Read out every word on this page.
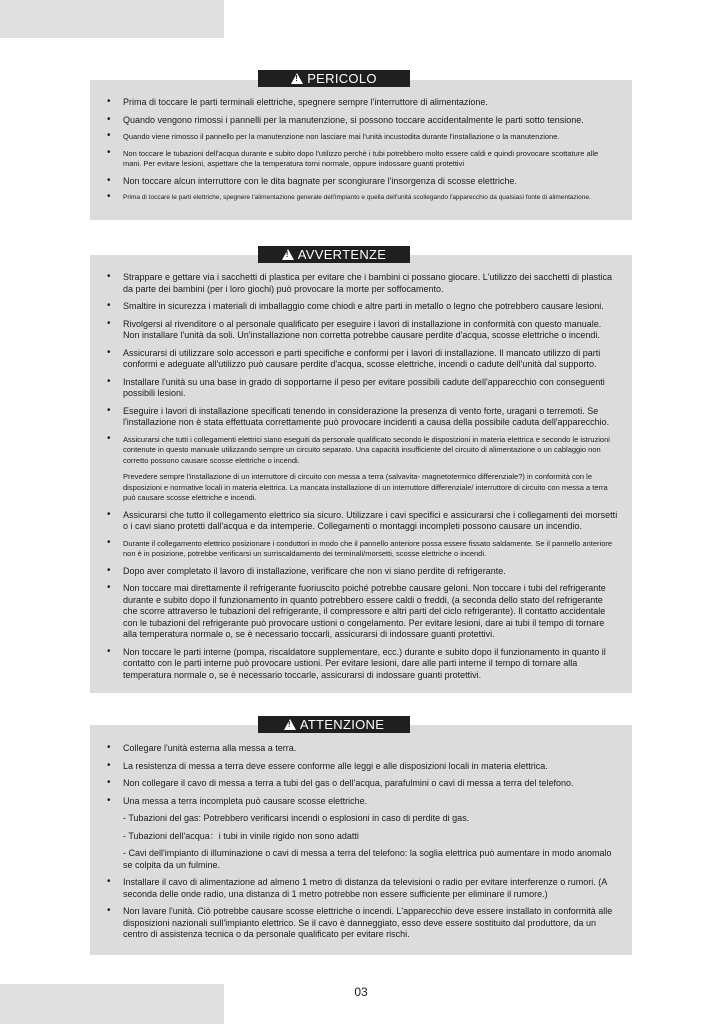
• Prima di toccare le parti terminali elettriche, spegnere sempre l'interruttore di alimentazione.
• Quando vengono rimossi i pannelli per la manutenzione, si possono toccare accidentalmente le parti sotto tensione.
• Quando viene rimosso il pannello per la manutenzione non lasciare mai l'unità incustodita durante l'installazione o la manutenzione.
• Non toccare le tubazioni dell'acqua durante e subito dopo l'utilizzo perchè i tubi potrebbero molto essere caldi e quindi provocare scottature alle mani. Per evitare lesioni, aspettare che la temperatura torni normale, oppure indossare guanti protettivi
• Non toccare alcun interruttore con le dita bagnate per scongiurare l'insorgenza di scosse elettriche.
• Prima di toccare le parti elettriche, spegnere l'alimentazione generale dell'impianto e quella dell'unità scollegando l'apparecchio da qualsiasi fonte di alimentazione.
!PERICOLO
• Strappare e gettare via i sacchetti di plastica per evitare che i bambini ci possano giocare. L'utilizzo dei sacchetti di plastica da parte dei bambini (per i loro giochi) può provocare la morte per soffocamento.
• Smaltire in sicurezza i materiali di imballaggio come chiodi e altre parti in metallo o legno che potrebbero causare lesioni.
• Rivolgersi al rivenditore o al personale qualificato per eseguire i lavori di installazione in conformità con questo manuale. Non installare l'unità da soli. Un'installazione non corretta potrebbe causare perdite d'acqua, scosse elettriche o incendi.
• Assicurarsi di utilizzare solo accessori e parti specifiche e conformi per i lavori di installazione. Il mancato utilizzo di parti conformi e adeguate all'utilizzo può causare perdite d'acqua, scosse elettriche, incendi o cadute dell'unità dal supporto.
• Installare l'unità su una base in grado di sopportarne il peso per evitare possibili cadute dell'apparecchio con conseguenti possibili lesioni.
• Eseguire i lavori di installazione specificati tenendo in considerazione la presenza di vento forte, uragani o terremoti. Se l'installazione non è stata effettuata correttamente può provocare incidenti a causa della possibile caduta dell'apparecchio.
• Assicurarsi che tutti i collegamenti elettrici siano eseguiti da personale qualificato secondo le disposizioni in materia elettrica e secondo le istruzioni contenute in questo manuale utilizzando sempre un circuito separato. Una capacità insufficiente del circuito di alimentazione o un cablaggio non corretto possono causare scosse elettriche o incendi.
Prevedere sempre l'installazione di un interruttore di circuito con messa a terra (salvavita- magnetotermico differenziale?) in conformità con le disposizioni e normative locali in materia elettrica. La mancata installazione di un interruttore differenziale/ interruttore di circuito con messa a terra può causare scosse elettriche e incendi.
• Assicurarsi che tutto il collegamento elettrico sia sicuro. Utilizzare i cavi specifici e assicurarsi che i collegamenti dei morsetti o i cavi siano protetti dall'acqua e da intemperie. Collegamenti o montaggi incompleti possono causare un incendio.
• Durante il collegamento elettrico posizionare i conduttori in modo che il pannello anteriore possa essere fissato saldamente. Se il pannello anteriore non è in posizione, potrebbe verificarsi un surriscaldamento dei terminali/morsetti, scosse elettriche o incendi.
• Dopo aver completato il lavoro di installazione, verificare che non vi siano perdite di refrigerante.
• Non toccare mai direttamente il refrigerante fuoriuscito poiché potrebbe causare geloni. Non toccare i tubi del refrigerante durante e subito dopo il funzionamento in quanto potrebbero essere caldi o freddi, (a seconda dello stato del refrigerante che scorre attraverso le tubazioni del refrigerante, il compressore e altri parti del ciclo refrigerante). Il contatto accidentale con le tubazioni del refrigerante può provocare ustioni o congelamento. Per evitare lesioni, dare ai tubi il tempo di tornare alla temperatura normale o, se è necessario toccarli, assicurarsi di indossare guanti protettivi.
• Non toccare le parti interne (pompa, riscaldatore supplementare, ecc.) durante e subito dopo il funzionamento in quanto il contatto con le parti interne può provocare ustioni. Per evitare lesioni, dare alle parti interne il tempo di tornare alla temperatura normale o, se è necessario toccarle, assicurarsi di indossare guanti protettivi.
!AVVERTENZE
• Collegare l'unità esterna alla messa a terra.
• La resistenza di messa a terra deve essere conforme alle leggi e alle disposizioni locali in materia elettrica.
• Non collegare il cavo di messa a terra a tubi del gas o dell'acqua, parafulmini o cavi di messa a terra del telefono.
• Una messa a terra incompleta può causare scosse elettriche.
- Tubazioni del gas: Potrebbero verificarsi incendi o esplosioni in caso di perdite di gas.
- Tubazioni dell'acqua：i tubi in vinile rigido non sono adatti
- Cavi dell'impianto di illuminazione o cavi di messa a terra del telefono: la soglia elettrica può aumentare in modo anomalo se colpita da un fulmine.
• Installare il cavo di alimentazione ad almeno 1 metro di distanza da televisioni o radio per evitare interferenze o rumori. (A seconda delle onde radio, una distanza di 1 metro potrebbe non essere sufficiente per eliminare il rumore.)
• Non lavare l'unità. Ciò potrebbe causare scosse elettriche o incendi. L'apparecchio deve essere installato in conformità alle disposizioni nazionali sull'impianto elettrico. Se il cavo è danneggiato, esso deve essere sostituito dal produttore, da un centro di assistenza tecnica o da personale qualificato per evitare rischi.
!ATTENZIONE
03
